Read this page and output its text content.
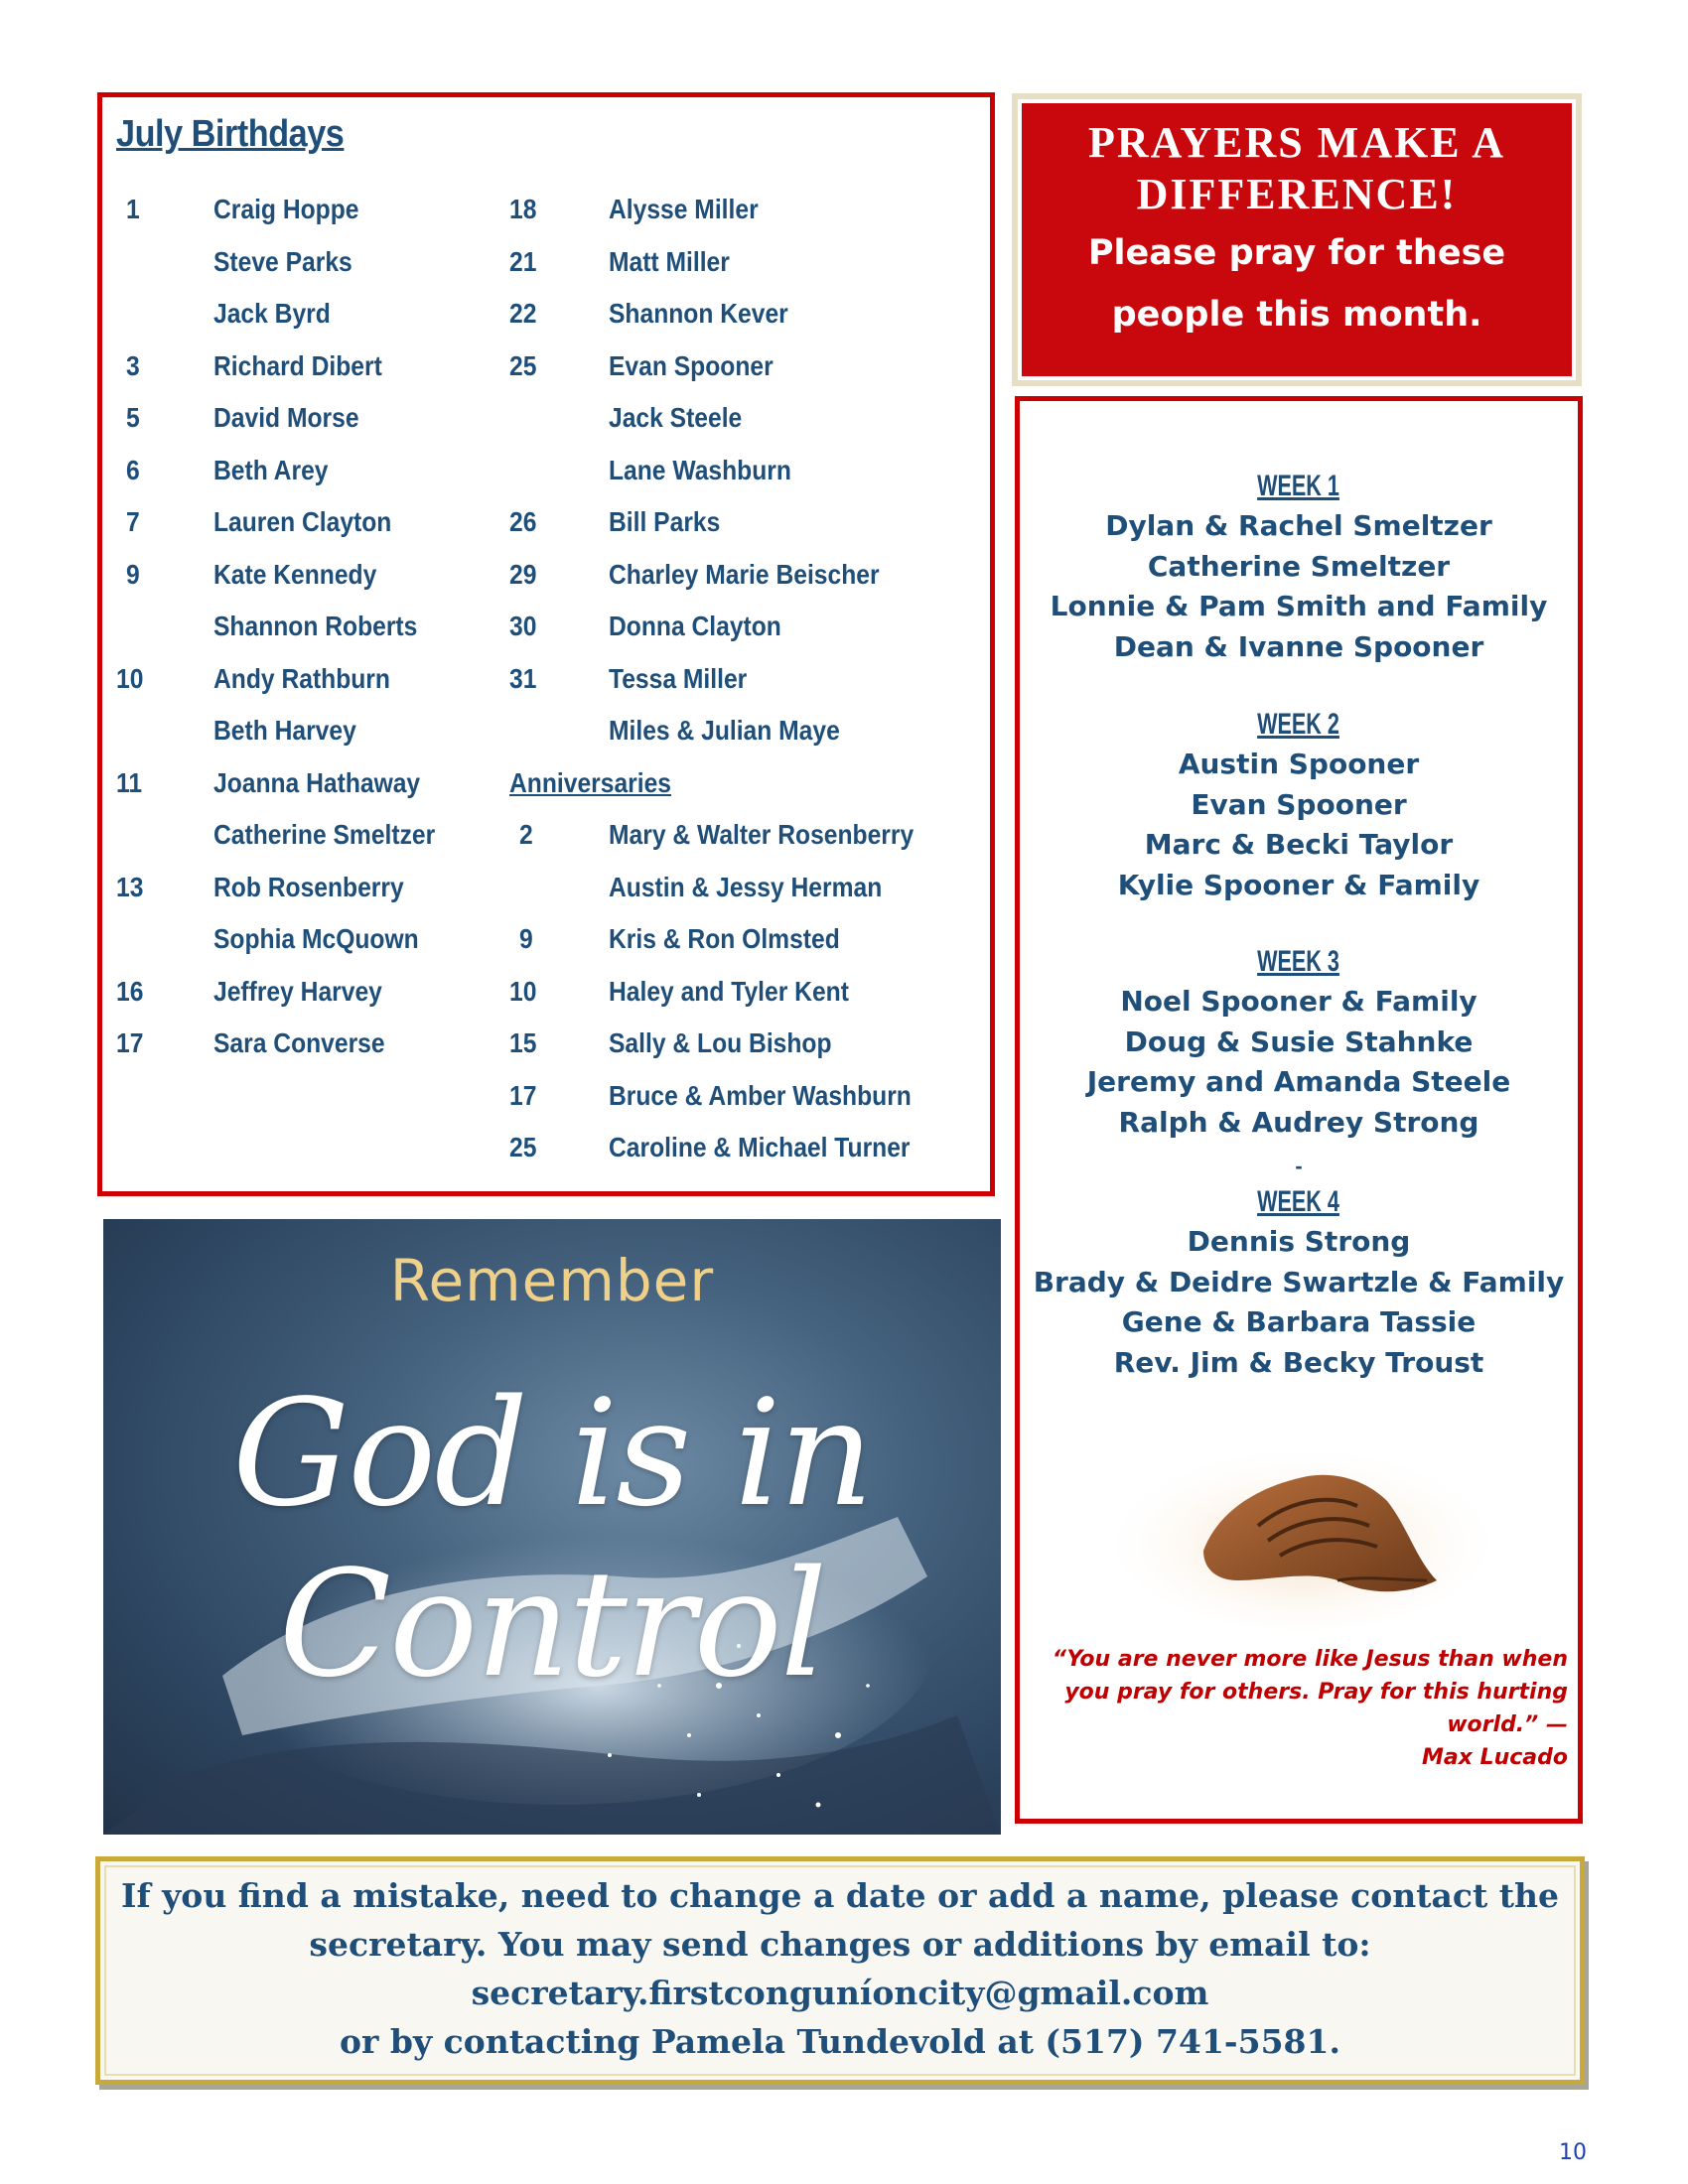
July Birthdays
1	Craig Hoppe
Steve Parks
Jack Byrd
3	Richard Dibert
5	David Morse
6	Beth Arey
7	Lauren Clayton
9	Kate Kennedy
Shannon Roberts
10	Andy Rathburn
Beth Harvey
11	Joanna Hathaway
Catherine Smeltzer
13	Rob Rosenberry
Sophia McQuown
16	Jeffrey Harvey
17	Sara Converse
18	Alysse Miller
21	Matt Miller
22	Shannon Kever
25	Evan Spooner
Jack Steele
Lane Washburn
26	Bill Parks
29	Charley Marie Beischer
30	Donna Clayton
31	Tessa Miller
Miles & Julian Maye
Anniversaries
2	Mary & Walter Rosenberry
Austin & Jessy Herman
9	Kris & Ron Olmsted
10	Haley and Tyler Kent
15	Sally & Lou Bishop
17	Bruce & Amber Washburn
25	Caroline & Michael Turner
PRAYERS MAKE A
DIFFERENCE!
Please pray for these people this month.
WEEK 1
Dylan & Rachel Smeltzer
Catherine Smeltzer
Lonnie & Pam Smith and Family
Dean & Ivanne Spooner
WEEK 2
Austin Spooner
Evan Spooner
Marc & Becki Taylor
Kylie Spooner & Family
WEEK 3
Noel Spooner & Family
Doug & Susie Stahnke
Jeremy and Amanda Steele
Ralph & Audrey Strong
-
WEEK 4
Dennis Strong
Brady & Deidre Swartzle & Family
Gene & Barbara Tassie
Rev. Jim & Becky Troust
“You are never more like Jesus than when you pray for others. Pray for this hurting world.” —
Max Lucado
Remember
God is in Control

If you find a mistake, need to change a date or add a name, please contact the

secretary. You may send changes or additions by email to:

secretary.firstconguníoncity@gmail.com

or by contacting Pamela Tundevold at (517) 741-5581.

10
